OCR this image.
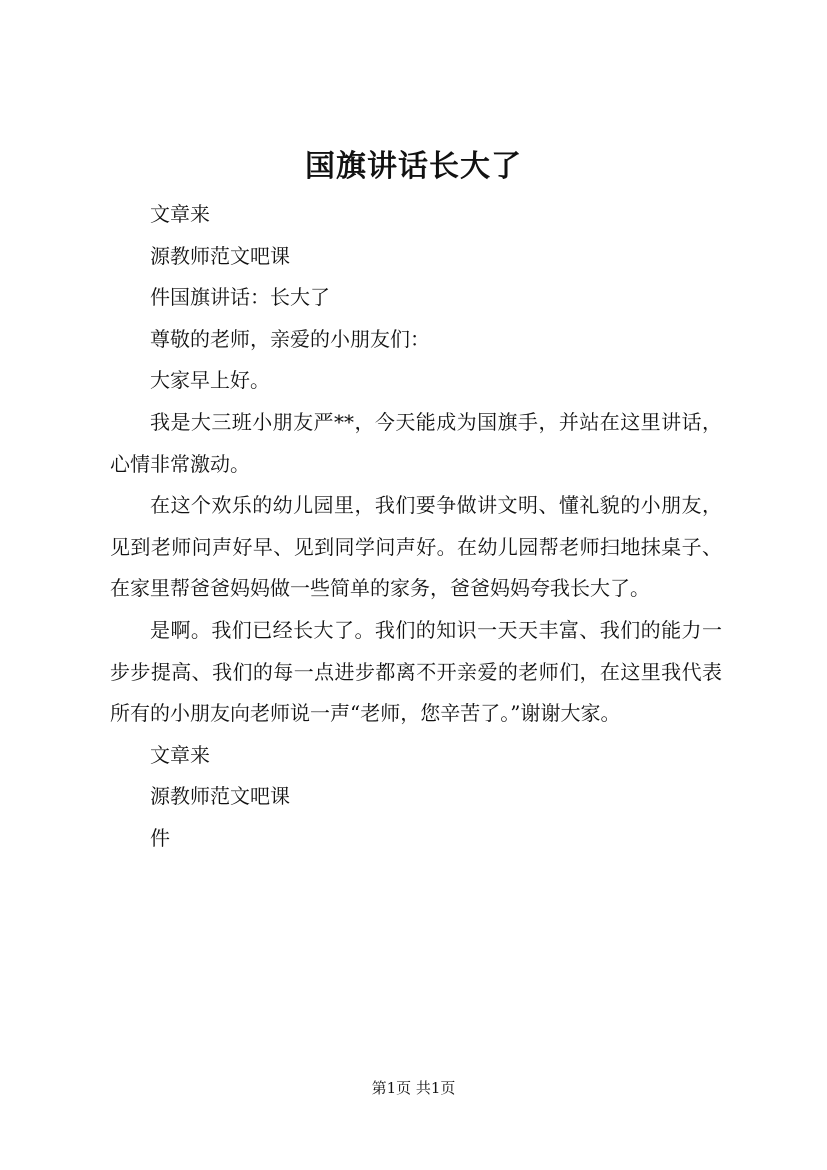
国旗讲话长大了

文章来

源教师范文吧课

件国旗讲话：长大了

尊敬的老师，亲爱的小朋友们：

大家早上好。

我是大三班小朋友严**，今天能成为国旗手，并站在这里讲话，心情非常激动。

在这个欢乐的幼儿园里，我们要争做讲文明、懂礼貌的小朋友，见到老师问声好早、见到同学问声好。在幼儿园帮老师扫地抹桌子、在家里帮爸爸妈妈做一些简单的家务，爸爸妈妈夸我长大了。

是啊。我们已经长大了。我们的知识一天天丰富、我们的能力一步步提高、我们的每一点进步都离不开亲爱的老师们，在这里我代表所有的小朋友向老师说一声“老师，您辛苦了。”谢谢大家。

文章来

源教师范文吧课

件

第1页 共1页
